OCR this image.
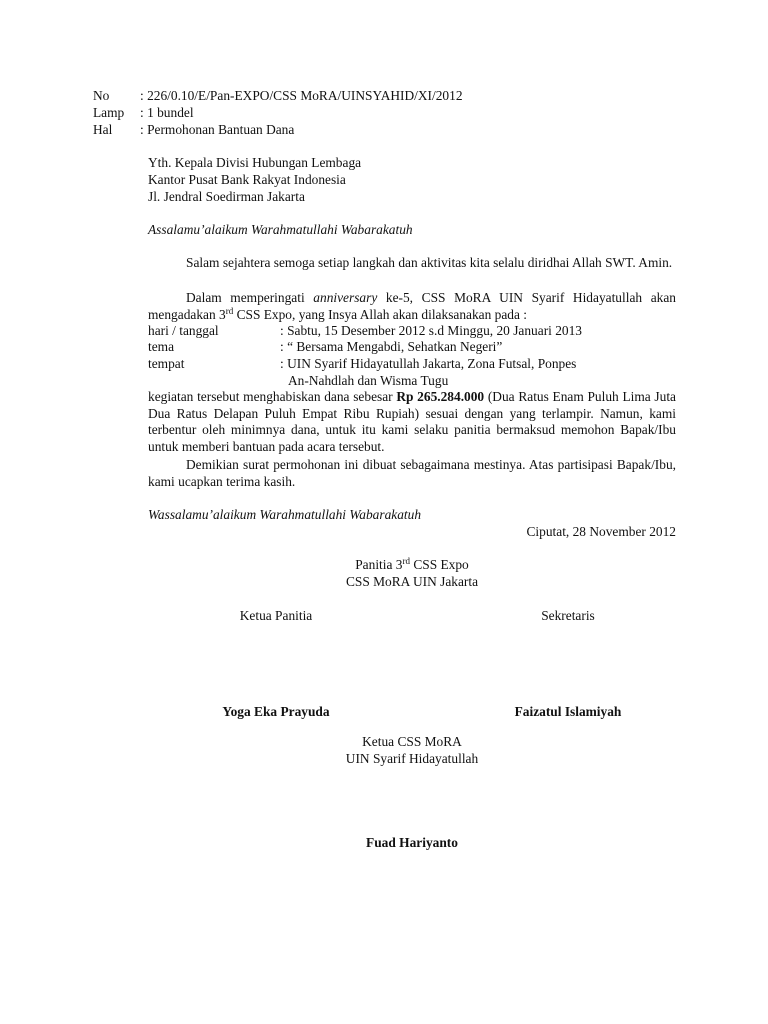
No : 226/0.10/E/Pan-EXPO/CSS MoRA/UINSYAHID/XI/2012
Lamp : 1 bundel
Hal : Permohonan Bantuan Dana
Yth. Kepala Divisi Hubungan Lembaga
Kantor Pusat Bank Rakyat Indonesia
Jl. Jendral Soedirman Jakarta
Assalamu’alaikum Warahmatullahi Wabarakatuh
Salam sejahtera semoga setiap langkah dan aktivitas kita selalu diridhai Allah SWT. Amin.
Dalam memperingati anniversary ke-5, CSS MoRA UIN Syarif Hidayatullah akan mengadakan 3rd CSS Expo, yang Insya Allah akan dilaksanakan pada :
hari / tanggal	: Sabtu, 15 Desember 2012 s.d Minggu, 20 Januari 2013
tema	: “ Bersama Mengabdi, Sehatkan Negeri”
tempat	: UIN Syarif Hidayatullah Jakarta, Zona Futsal, Ponpes
An-Nahdlah dan Wisma Tugu
kegiatan tersebut menghabiskan dana sebesar Rp 265.284.000 (Dua Ratus Enam Puluh Lima Juta Dua Ratus Delapan Puluh Empat Ribu Rupiah) sesuai dengan yang terlampir. Namun, kami terbentur oleh minimnya dana, untuk itu kami selaku panitia bermaksud memohon Bapak/Ibu untuk memberi bantuan pada acara tersebut.
Demikian surat permohonan ini dibuat sebagaimana mestinya. Atas partisipasi Bapak/Ibu, kami ucapkan terima kasih.
Wassalamu’alaikum Warahmatullahi Wabarakatuh
Ciputat, 28 November 2012
Panitia 3rd CSS Expo
CSS MoRA UIN Jakarta
Ketua Panitia	Sekretaris
Yoga Eka Prayuda	Faizatul Islamiyah
Ketua CSS MoRA
UIN Syarif Hidayatullah
Fuad Hariyanto
